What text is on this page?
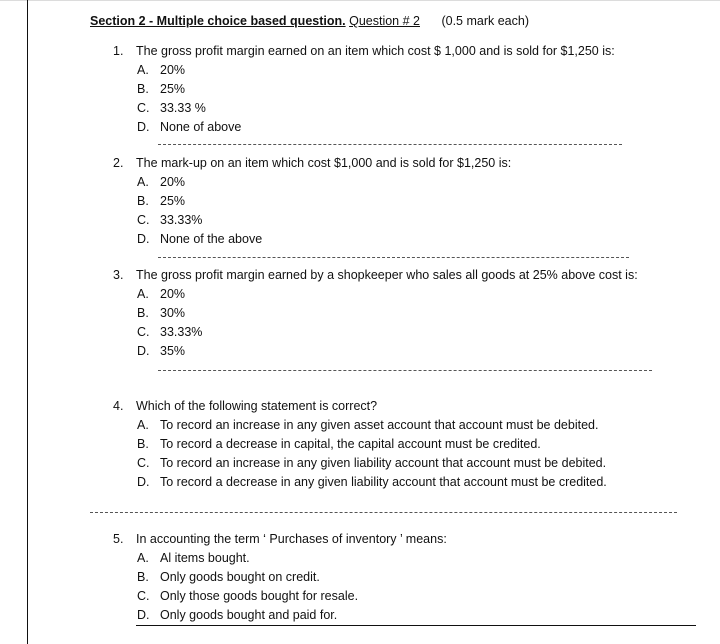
Section 2 - Multiple choice based question. Question # 2 (0.5 mark each)
1. The gross profit margin earned on an item which cost $ 1,000 and is sold for $1,250 is:
A. 20%
B. 25%
C. 33.33 %
D. None of above
2. The mark-up on an item which cost $1,000 and is sold for $1,250 is:
A. 20%
B. 25%
C. 33.33%
D. None of the above
3. The gross profit margin earned by a shopkeeper who sales all goods at 25% above cost is:
A. 20%
B. 30%
C. 33.33%
D. 35%
4. Which of the following statement is correct?
A. To record an increase in any given asset account that account must be debited.
B. To record a decrease in capital, the capital account must be credited.
C. To record an increase in any given liability account that account must be debited.
D. To record a decrease in any given liability account that account must be credited.
5. In accounting the term ‘ Purchases of inventory ’ means:
A. Al items bought.
B. Only goods bought on credit.
C. Only those goods bought for resale.
D. Only goods bought and paid for.
